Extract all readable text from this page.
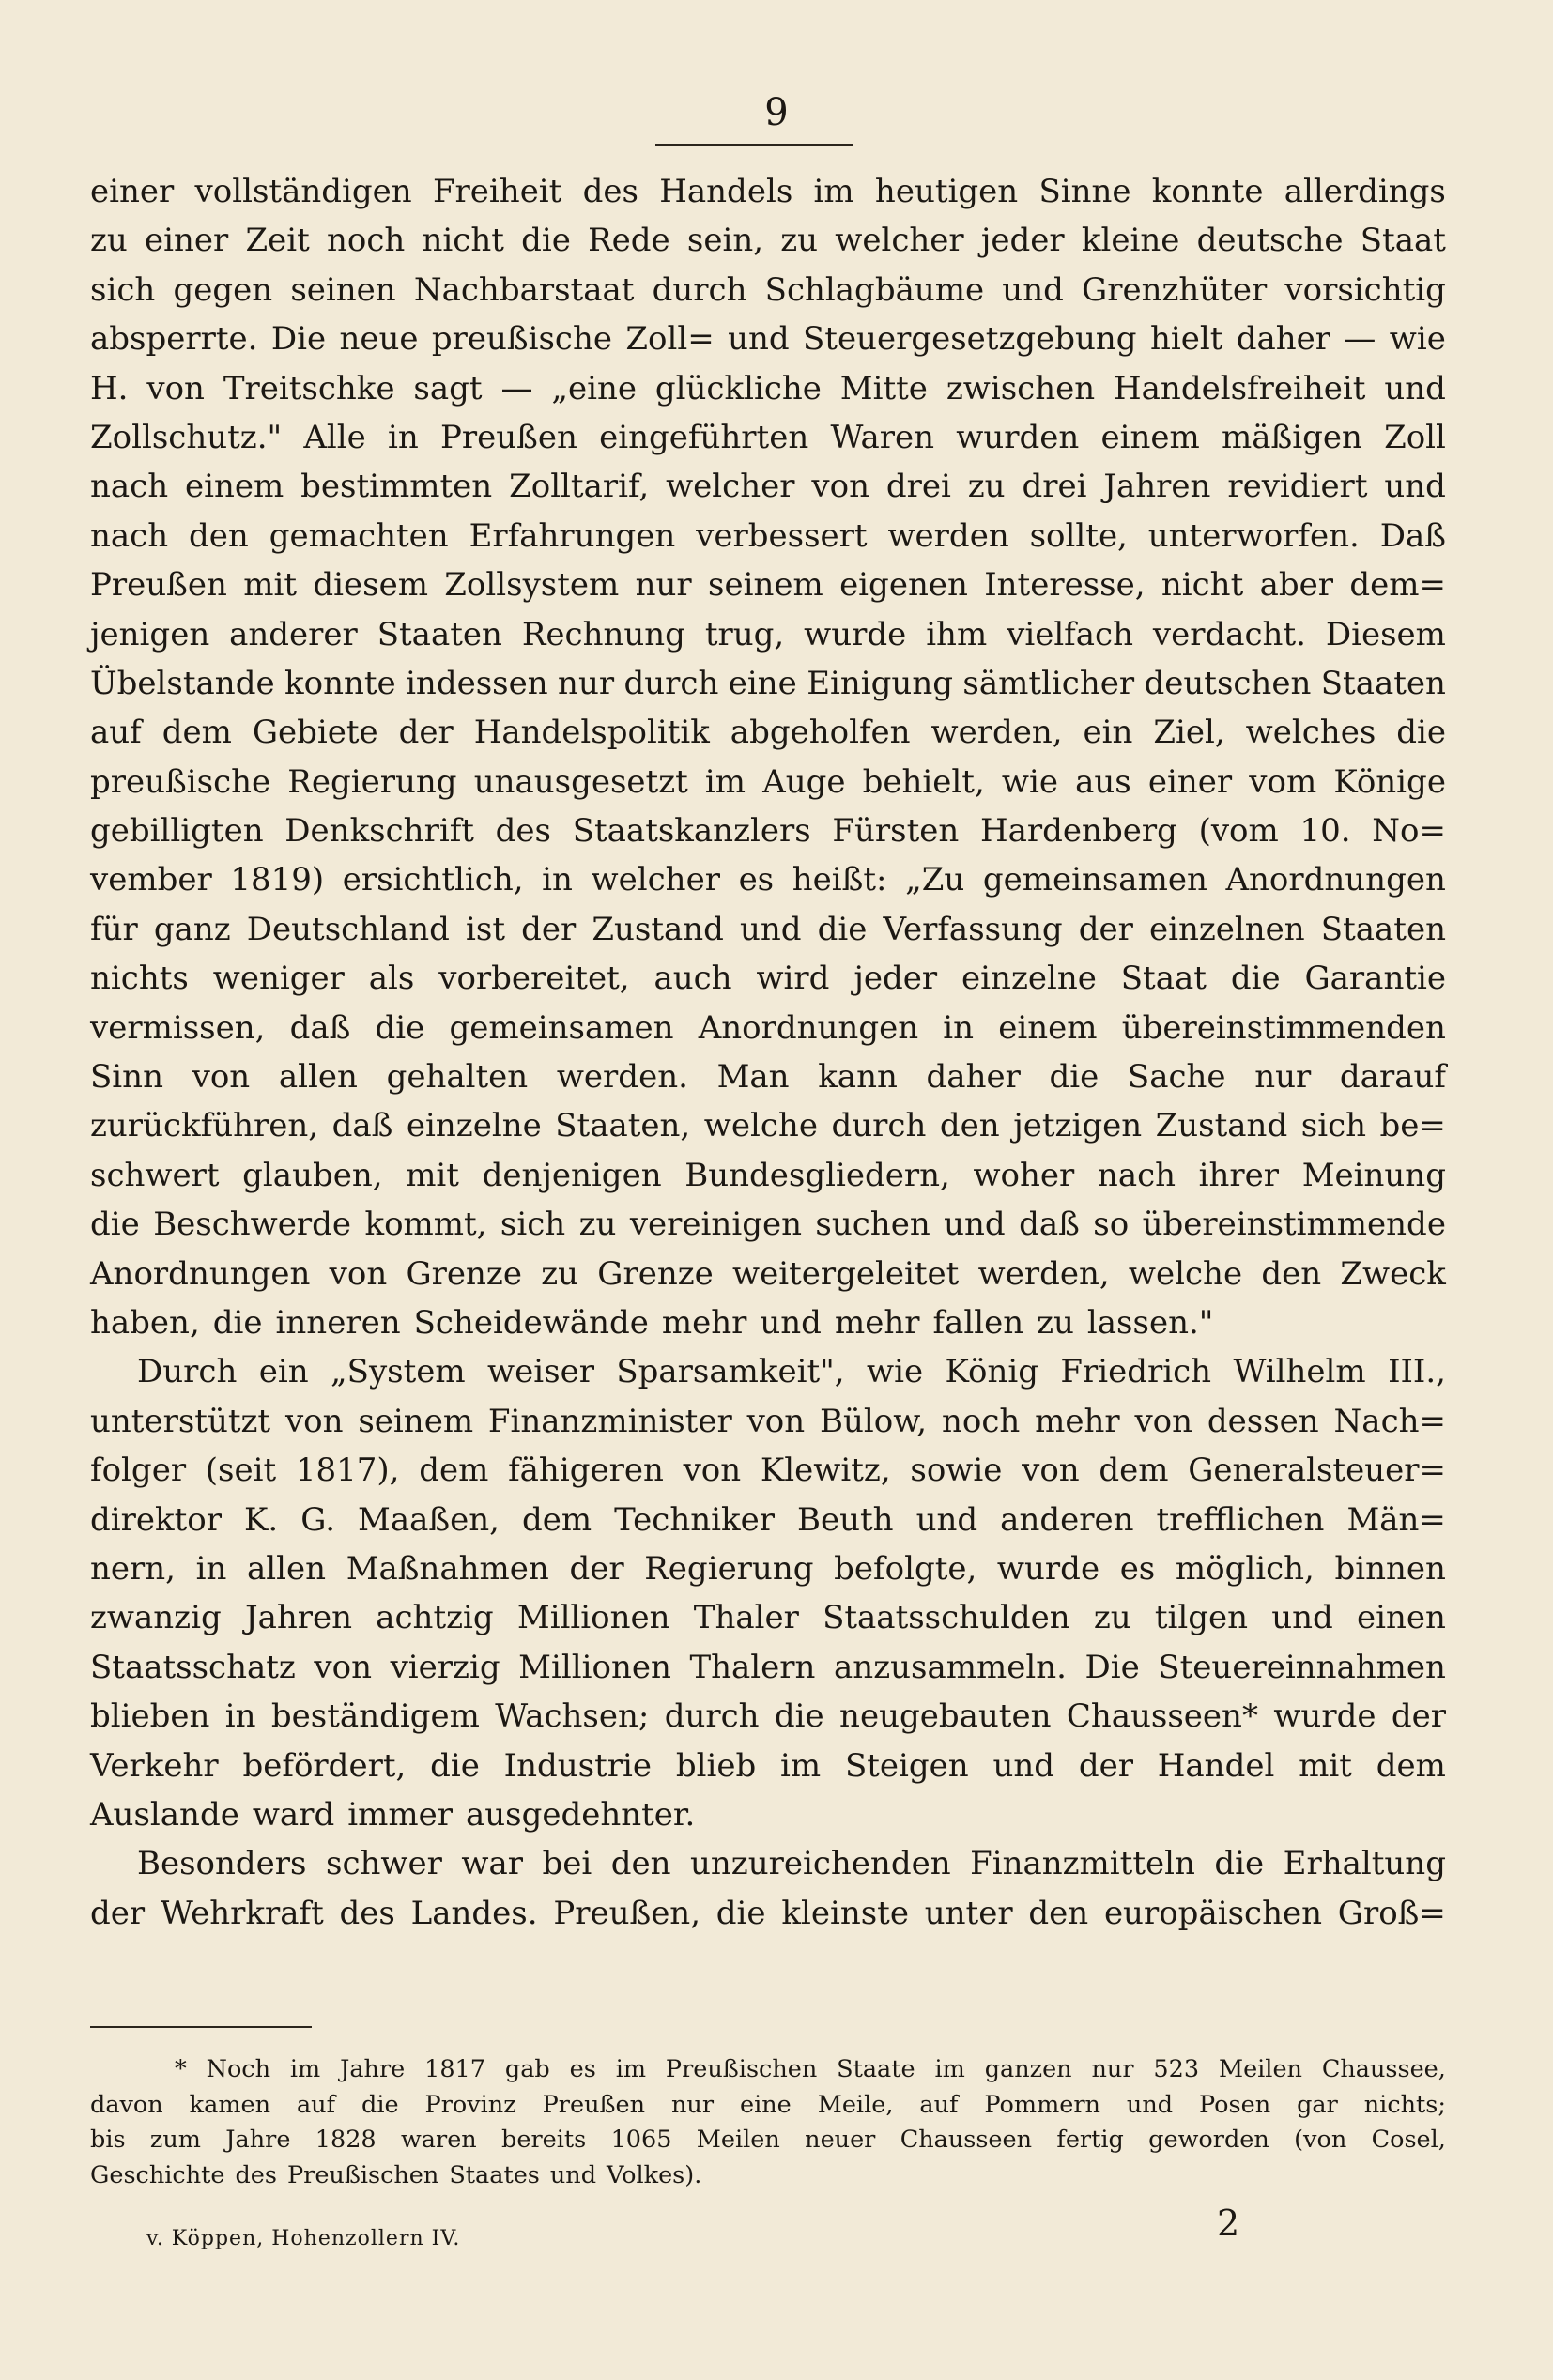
9
einer vollständigen Freiheit des Handels im heutigen Sinne konnte allerdings
zu einer Zeit noch nicht die Rede sein, zu welcher jeder kleine deutsche Staat
sich gegen seinen Nachbarstaat durch Schlagbäume und Grenzhüter vorsichtig
absperrte. Die neue preußische Zoll= und Steuergesetzgebung hielt daher — wie
H. von Treitschke sagt — „eine glückliche Mitte zwischen Handelsfreiheit und
Zollschutz." Alle in Preußen eingeführten Waren wurden einem mäßigen Zoll
nach einem bestimmten Zolltarif, welcher von drei zu drei Jahren revidiert und
nach den gemachten Erfahrungen verbessert werden sollte, unterworfen. Daß
Preußen mit diesem Zollsystem nur seinem eigenen Interesse, nicht aber dem=
jenigen anderer Staaten Rechnung trug, wurde ihm vielfach verdacht. Diesem
Übelstande konnte indessen nur durch eine Einigung sämtlicher deutschen Staaten
auf dem Gebiete der Handelspolitik abgeholfen werden, ein Ziel, welches die
preußische Regierung unausgesetzt im Auge behielt, wie aus einer vom Könige
gebilligten Denkschrift des Staatskanzlers Fürsten Hardenberg (vom 10. No=
vember 1819) ersichtlich, in welcher es heißt: „Zu gemeinsamen Anordnungen
für ganz Deutschland ist der Zustand und die Verfassung der einzelnen Staaten
nichts weniger als vorbereitet, auch wird jeder einzelne Staat die Garantie
vermissen, daß die gemeinsamen Anordnungen in einem übereinstimmenden
Sinn von allen gehalten werden. Man kann daher die Sache nur darauf
zurückführen, daß einzelne Staaten, welche durch den jetzigen Zustand sich be=
schwert glauben, mit denjenigen Bundesgliedern, woher nach ihrer Meinung
die Beschwerde kommt, sich zu vereinigen suchen und daß so übereinstimmende
Anordnungen von Grenze zu Grenze weitergeleitet werden, welche den Zweck
haben, die inneren Scheidewände mehr und mehr fallen zu lassen."
Durch ein „System weiser Sparsamkeit", wie König Friedrich Wilhelm III.,
unterstützt von seinem Finanzminister von Bülow, noch mehr von dessen Nach=
folger (seit 1817), dem fähigeren von Klewitz, sowie von dem Generalsteuer=
direktor K. G. Maaßen, dem Techniker Beuth und anderen trefflichen Män=
nern, in allen Maßnahmen der Regierung befolgte, wurde es möglich, binnen
zwanzig Jahren achtzig Millionen Thaler Staatsschulden zu tilgen und einen
Staatsschatz von vierzig Millionen Thalern anzusammeln. Die Steuereinnahmen
blieben in beständigem Wachsen; durch die neugebauten Chausseen* wurde der
Verkehr befördert, die Industrie blieb im Steigen und der Handel mit dem
Auslande ward immer ausgedehnter.
Besonders schwer war bei den unzureichenden Finanzmitteln die Erhaltung
der Wehrkraft des Landes. Preußen, die kleinste unter den europäischen Groß=
* Noch im Jahre 1817 gab es im Preußischen Staate im ganzen nur 523 Meilen Chaussee,
davon kamen auf die Provinz Preußen nur eine Meile, auf Pommern und Posen gar nichts;
bis zum Jahre 1828 waren bereits 1065 Meilen neuer Chausseen fertig geworden (von Cosel,
Geschichte des Preußischen Staates und Volkes).
v. Köppen, Hohenzollern IV.	2
